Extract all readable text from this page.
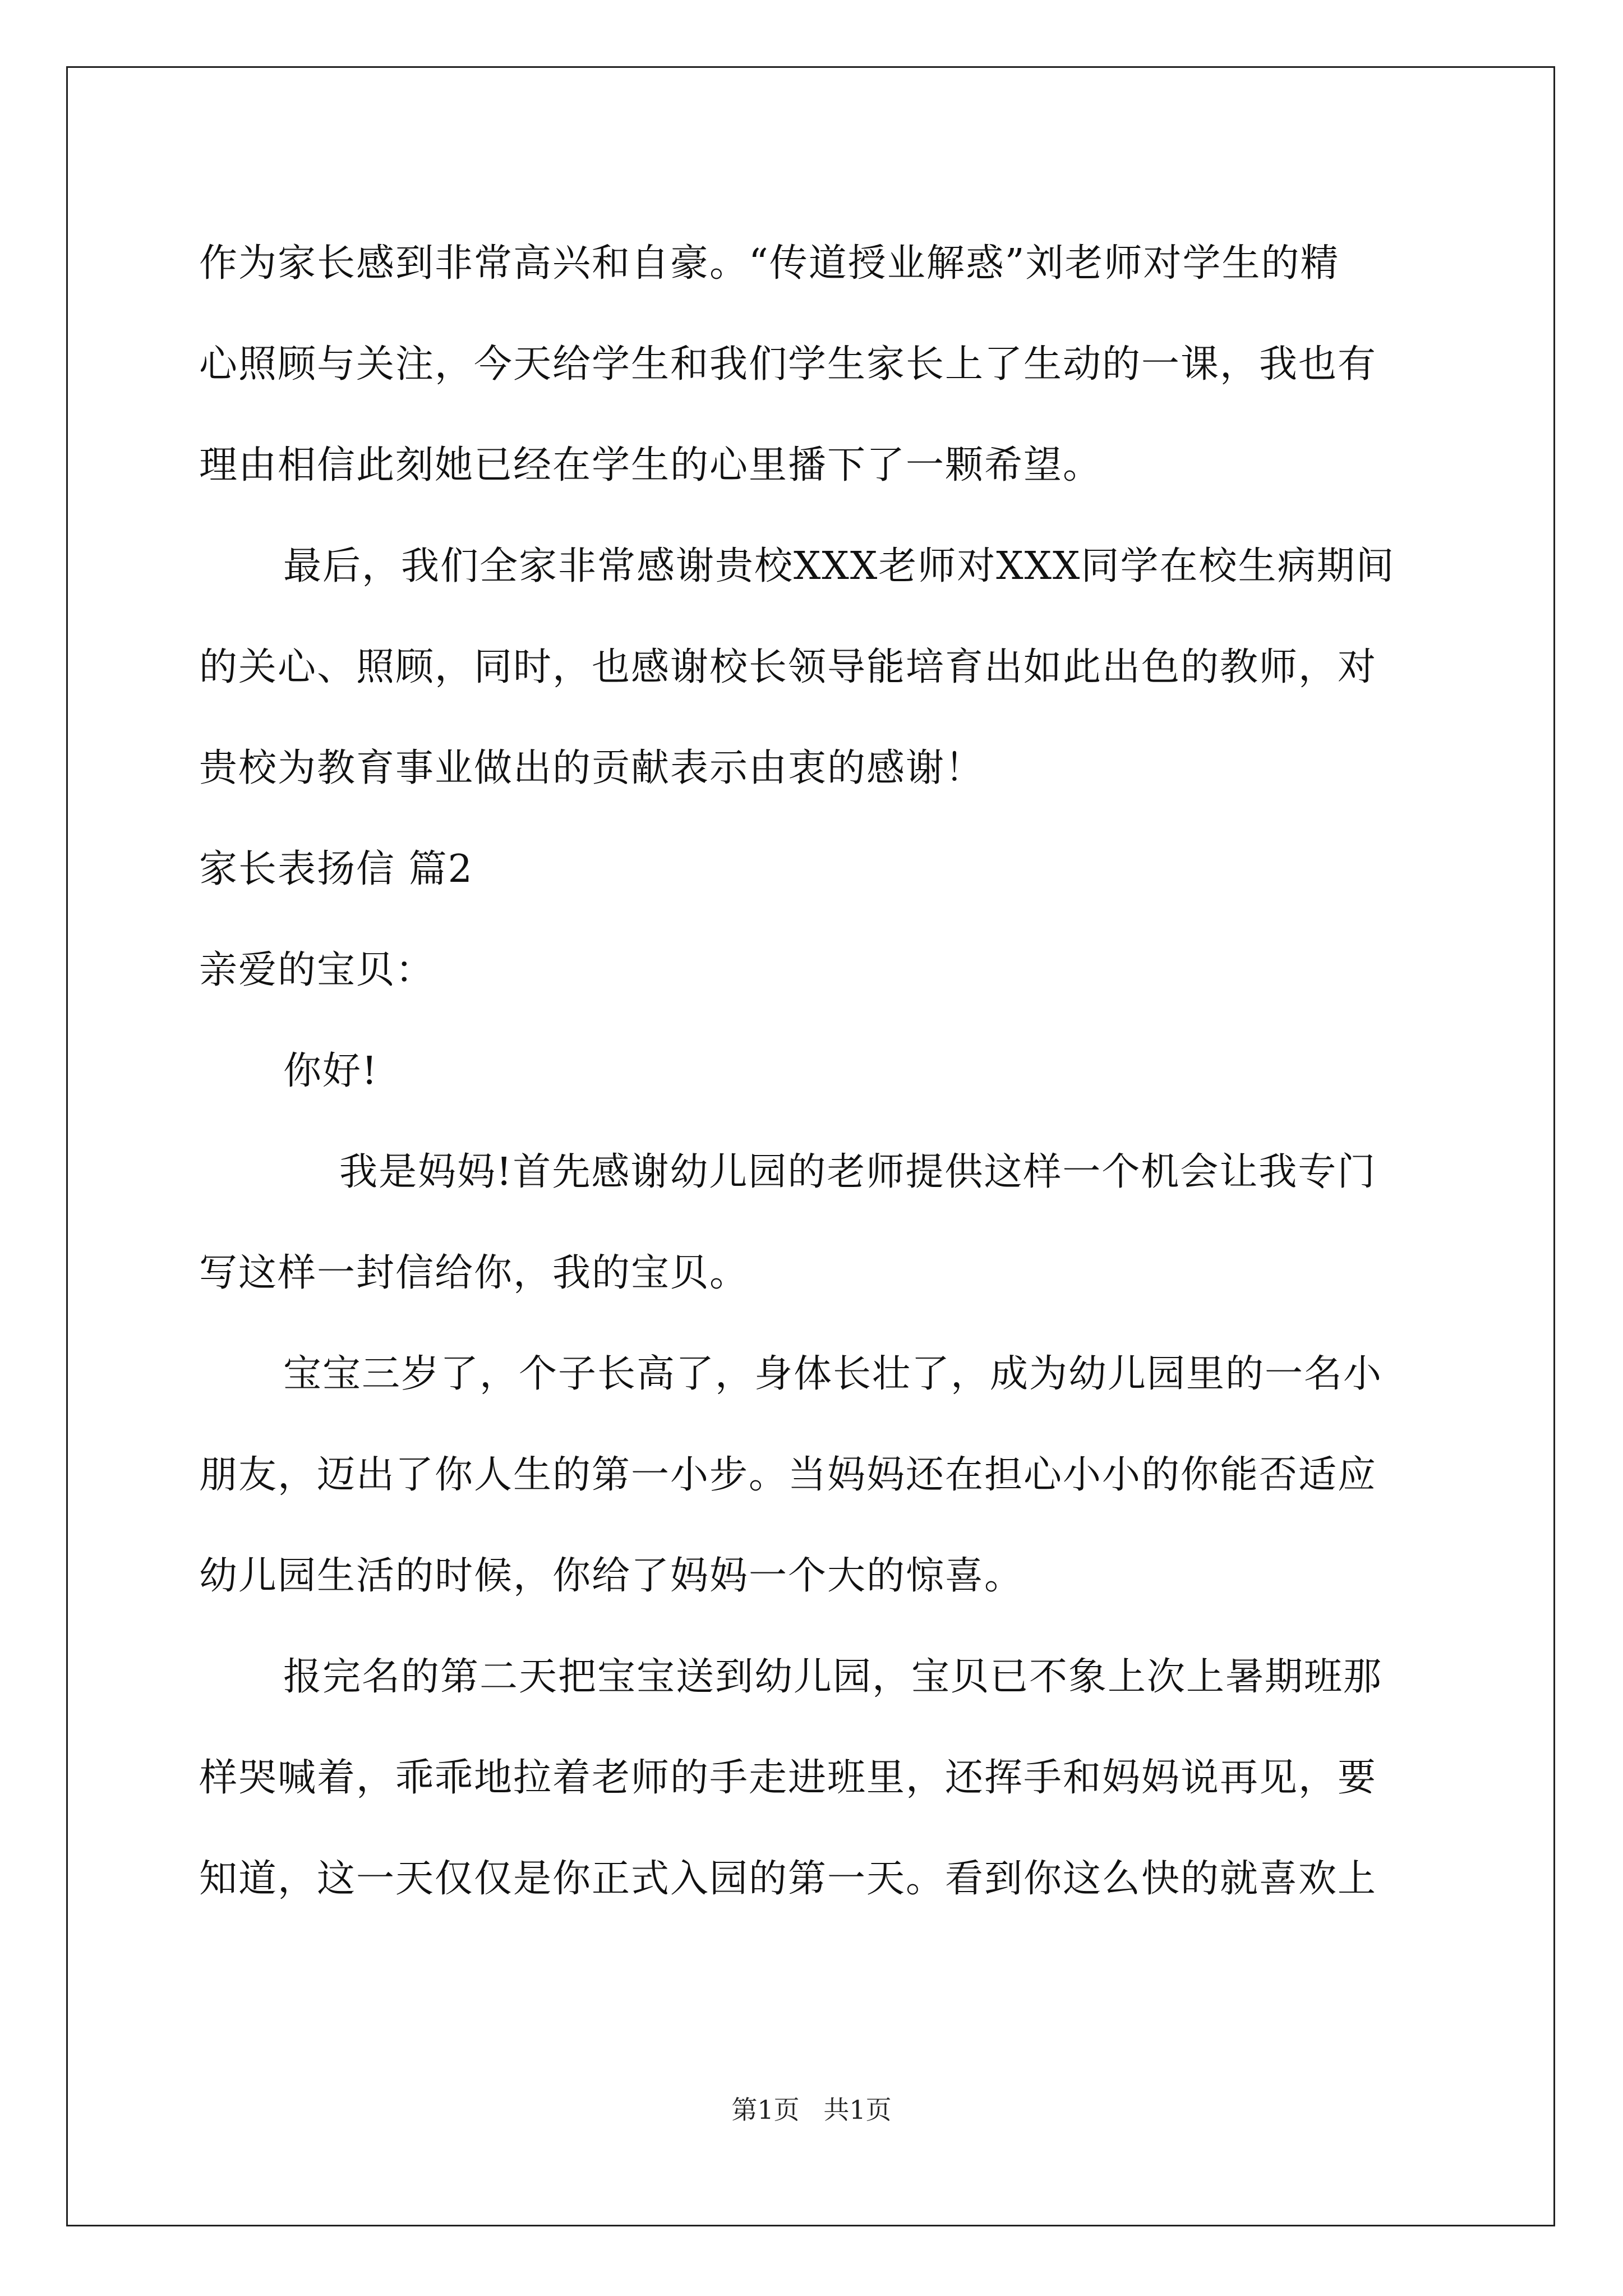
作为家长感到非常高兴和自豪。“传道授业解惑”刘老师对学生的精
心照顾与关注，今天给学生和我们学生家长上了生动的一课，我也有
理由相信此刻她已经在学生的心里播下了一颗希望。
最后，我们全家非常感谢贵校XXX老师对XXX同学在校生病期间
的关心、照顾，同时，也感谢校长领导能培育出如此出色的教师，对
贵校为教育事业做出的贡献表示由衷的感谢！
家长表扬信 篇2
亲爱的宝贝：
你好!
我是妈妈!首先感谢幼儿园的老师提供这样一个机会让我专门
写这样一封信给你，我的宝贝。
宝宝三岁了，个子长高了，身体长壮了，成为幼儿园里的一名小
朋友，迈出了你人生的第一小步。当妈妈还在担心小小的你能否适应
幼儿园生活的时候，你给了妈妈一个大的惊喜。
报完名的第二天把宝宝送到幼儿园，宝贝已不象上次上暑期班那
样哭喊着，乖乖地拉着老师的手走进班里，还挥手和妈妈说再见，要
知道，这一天仅仅是你正式入园的第一天。看到你这么快的就喜欢上
第1页 共1页
